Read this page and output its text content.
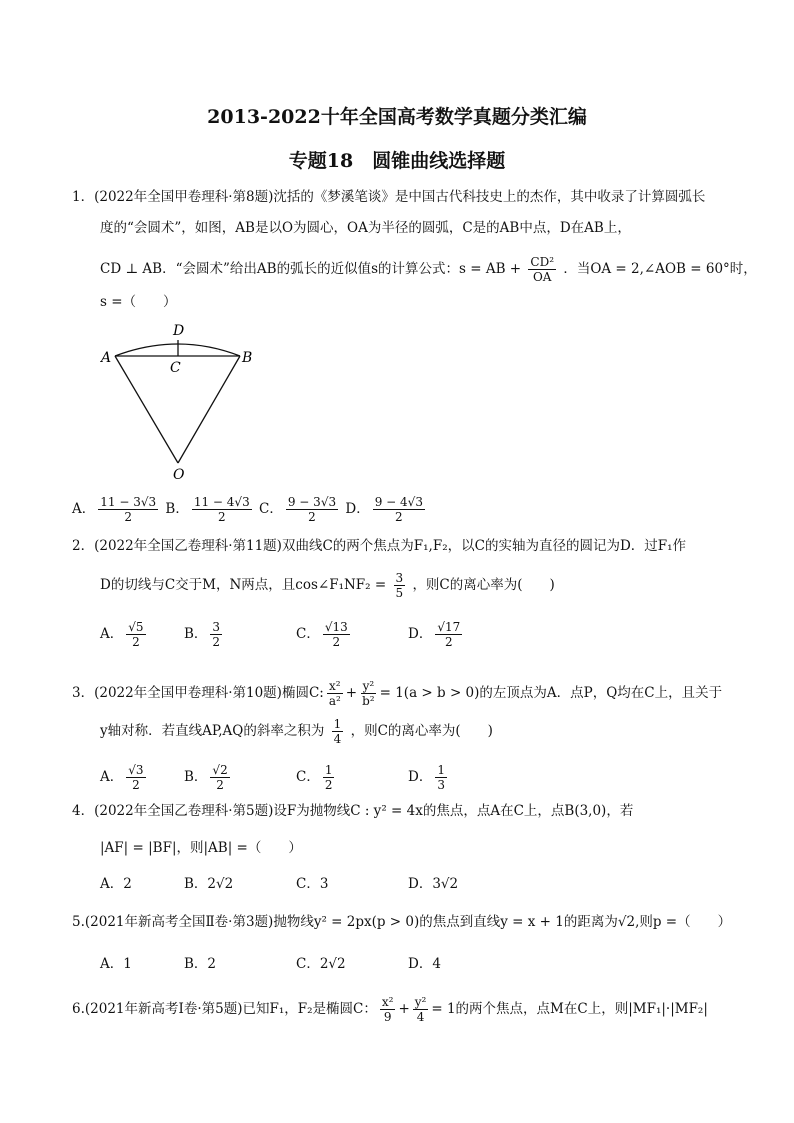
2013-2022十年全国高考数学真题分类汇编
专题18　圆锥曲线选择题
1．(2022年全国甲卷理科·第8题)沈括的《梦溪笔谈》是中国古代科技史上的杰作，其中收录了计算圆弧长
度的“会圆术”，如图，AB是以O为圆心，OA为半径的圆弧，C是的AB中点，D在AB上，
CD ⊥ AB．“会圆术”给出AB的弧长的近似值s的计算公式：s = AB + $\frac{\text{CD²}}{OA}$ ．当OA = 2,∠AOB = 60°时，
s =（　　）
A	B
D
C
O
A． $\frac{11 - 3√3}{2}$ B． $\frac{11 - 4√3}{2}$ C． $\frac{9 - 3√3}{2}$ D． $\frac{9 - 4√3}{2}$
2．(2022年全国乙卷理科·第11题)双曲线C的两个焦点为F₁,F₂，以C的实轴为直径的圆记为D．过F₁作
D的切线与C交于M，N两点，且cos∠F₁NF₂ = $\frac{3}{5}$ ，则C的离心率为(　　)
A． $\frac{√5}{2}$	B． $\frac{3}{2}$	C． $\frac{√13}{2}$	D． $\frac{√17}{2}$
3．(2022年全国甲卷理科·第10题)椭圆C: $\frac{\text{x²}}{\text{a²}} + \frac{\text{y²}}{\text{b²}} = 1(a > b > 0)$的左顶点为A．点P，Q均在C上，且关于
y轴对称．若直线AP,AQ的斜率之积为 $\frac{1}{4}$ ，则C的离心率为(　　)
A． $\frac{√3}{2}$	B． $\frac{√2}{2}$	C． $\frac{1}{2}$	D． $\frac{1}{3}$
4．(2022年全国乙卷理科·第5题)设F为抛物线C : y² = 4x的焦点，点A在C上，点B(3,0)，若
|AF| = |BF|，则|AB| =（　　）
A．2	B．2√2	C．3	D．3√2
5.(2021年新高考全国Ⅱ卷·第3题)抛物线y² = 2px(p > 0)的焦点到直线y = x + 1的距离为√2,则p =（　　）
A．1	B．2	C．2√2	D．4
6.(2021年新高考Ⅰ卷·第5题)已知F₁，F₂是椭圆C： $\frac{\text{x²}}{9} + \frac{\text{y²}}{4} = 1$的两个焦点，点M在C上，则|MF₁|·|MF₂|
